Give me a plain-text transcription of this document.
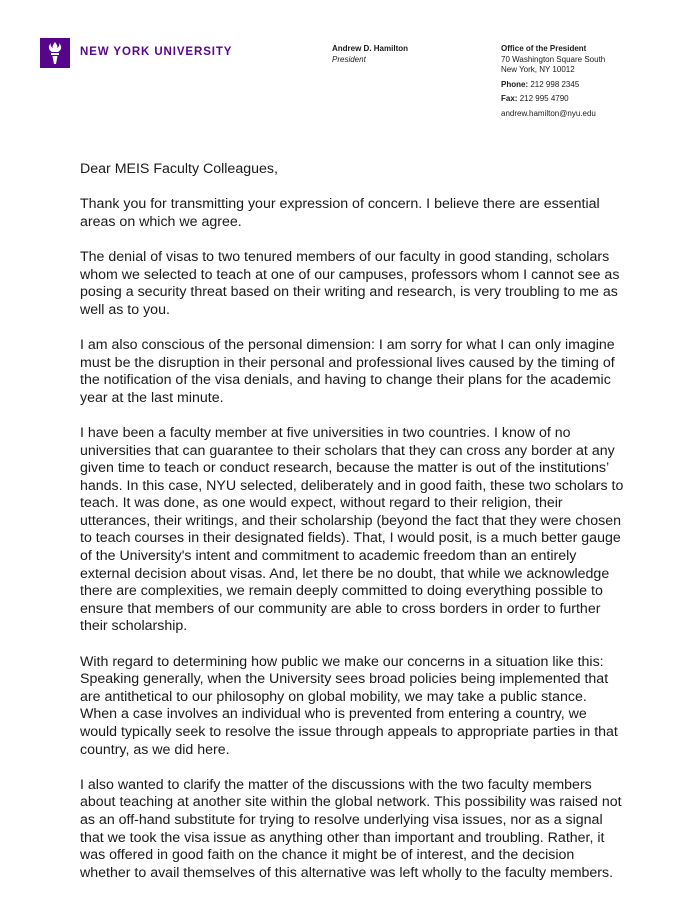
NEW YORK UNIVERSITY	Andrew D. Hamilton
President
Office of the President
70 Washington Square South
New York, NY 10012
Phone: 212 998 2345
Fax: 212 995 4790
andrew.hamilton@nyu.edu

Dear MEIS Faculty Colleagues,

Thank you for transmitting your expression of concern. I believe there are essential areas on which we agree.

The denial of visas to two tenured members of our faculty in good standing, scholars whom we selected to teach at one of our campuses, professors whom I cannot see as posing a security threat based on their writing and research, is very troubling to me as well as to you.

I am also conscious of the personal dimension: I am sorry for what I can only imagine must be the disruption in their personal and professional lives caused by the timing of the notification of the visa denials, and having to change their plans for the academic year at the last minute.

I have been a faculty member at five universities in two countries. I know of no universities that can guarantee to their scholars that they can cross any border at any given time to teach or conduct research, because the matter is out of the institutions’ hands. In this case, NYU selected, deliberately and in good faith, these two scholars to teach. It was done, as one would expect, without regard to their religion, their utterances, their writings, and their scholarship (beyond the fact that they were chosen to teach courses in their designated fields). That, I would posit, is a much better gauge of the University's intent and commitment to academic freedom than an entirely external decision about visas. And, let there be no doubt, that while we acknowledge there are complexities, we remain deeply committed to doing everything possible to ensure that members of our community are able to cross borders in order to further their scholarship.

With regard to determining how public we make our concerns in a situation like this: Speaking generally, when the University sees broad policies being implemented that are antithetical to our philosophy on global mobility, we may take a public stance. When a case involves an individual who is prevented from entering a country, we would typically seek to resolve the issue through appeals to appropriate parties in that country, as we did here.

I also wanted to clarify the matter of the discussions with the two faculty members about teaching at another site within the global network. This possibility was raised not as an off-hand substitute for trying to resolve underlying visa issues, nor as a signal that we took the visa issue as anything other than important and troubling. Rather, it was offered in good faith on the chance it might be of interest, and the decision whether to avail themselves of this alternative was left wholly to the faculty members.
